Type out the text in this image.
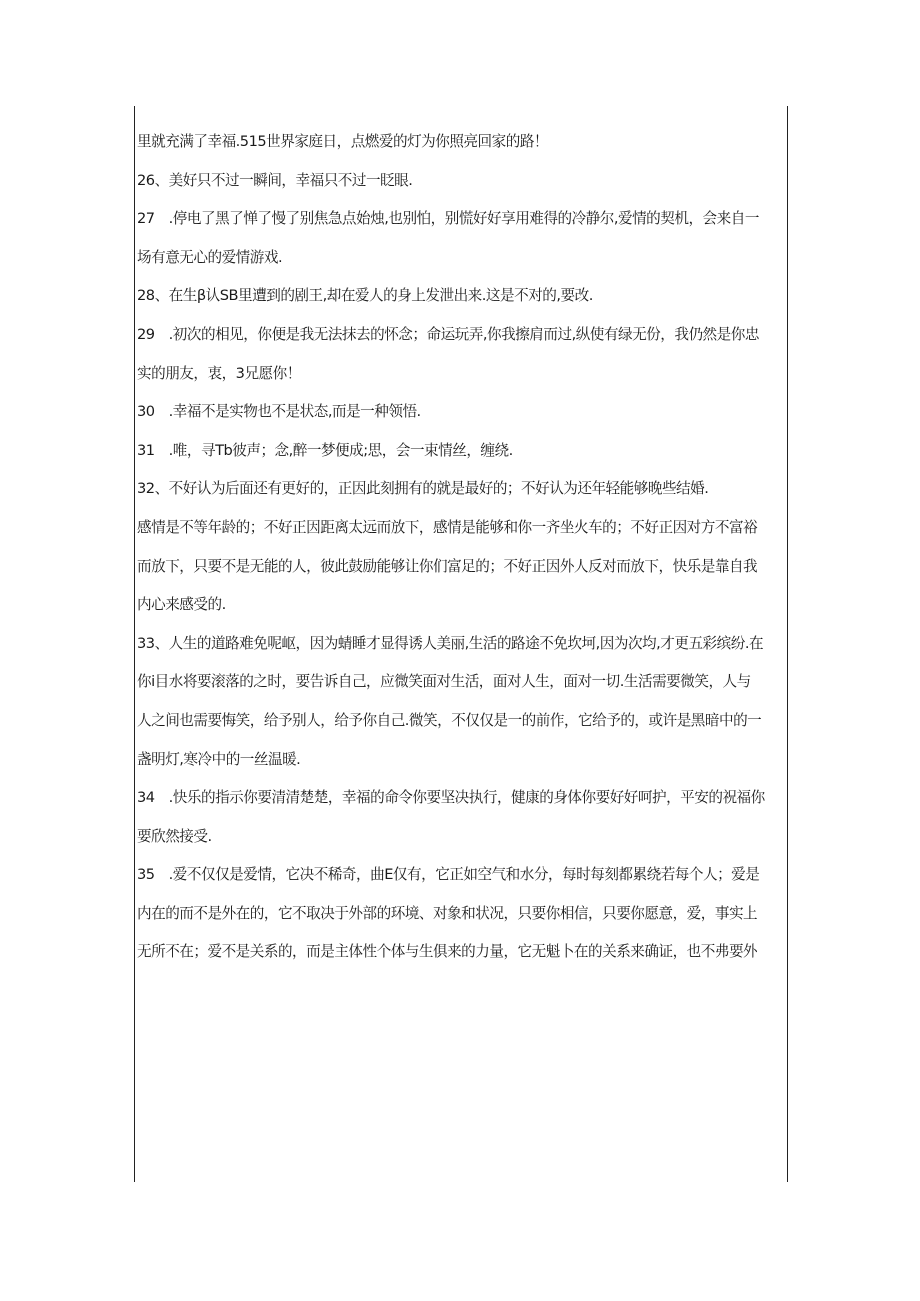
里就充满了幸福.515世界家庭日，点燃爱的灯为你照亮回家的路！
26、美好只不过一瞬间，幸福只不过一眨眼.
27　.停电了黑了惮了慢了别焦急点始烛,也别怕，别慌好好享用难得的冷静尔,爱情的契机，会来自一
场有意无心的爱情游戏.
28、在生β认SB里遭到的剧王,却在爱人的身上发泄出来.这是不对的,要改.
29　.初次的相见，你便是我无法抹去的怀念；命运玩弄,你我擦肩而过,纵使有绿无份，我仍然是你忠
实的朋友，衷，3兄愿你！
30　.幸福不是实物也不是状态,而是一种领悟.
31　.唯，寻Tb彼声；念,醉一梦便成;思，会一束情丝，缠绕.
32、不好认为后面还有更好的，正因此刻拥有的就是最好的；不好认为还年轻能够晚些结婚.
感情是不等年龄的；不好正因距离太远而放下，感情是能够和你一齐坐火车的；不好正因对方不富裕
而放下，只要不是无能的人，彼此鼓励能够让你们富足的；不好正因外人反对而放下，快乐是靠自我
内心来感受的.
33、人生的道路难免呢岖，因为蜻睡才显得诱人美丽,生活的路途不免坎坷,因为次均,才更五彩缤纷.在
你i目水将要滚落的之时，要告诉自己，应微笑面对生活，面对人生，面对一切.生活需要微笑，人与
人之间也需要悔笑，给予别人，给予你自己.微笑，不仅仅是一的前作，它给予的，或许是黑暗中的一
盏明灯,寒冷中的一丝温暖.
34　.快乐的指示你要清清楚楚，幸福的命令你要坚决执行，健康的身体你要好好呵护，平安的祝福你
要欣然接受.
35　.爱不仅仅是爱情，它决不稀奇，曲E仅有，它正如空气和水分，每时每刻都累绕若每个人；爱是
内在的而不是外在的，它不取决于外部的环境、对象和状况，只要你相信，只要你愿意，爱，事实上
无所不在；爱不是关系的，而是主体性个体与生俱来的力量，它无魁卜在的关系来确证，也不弗要外
